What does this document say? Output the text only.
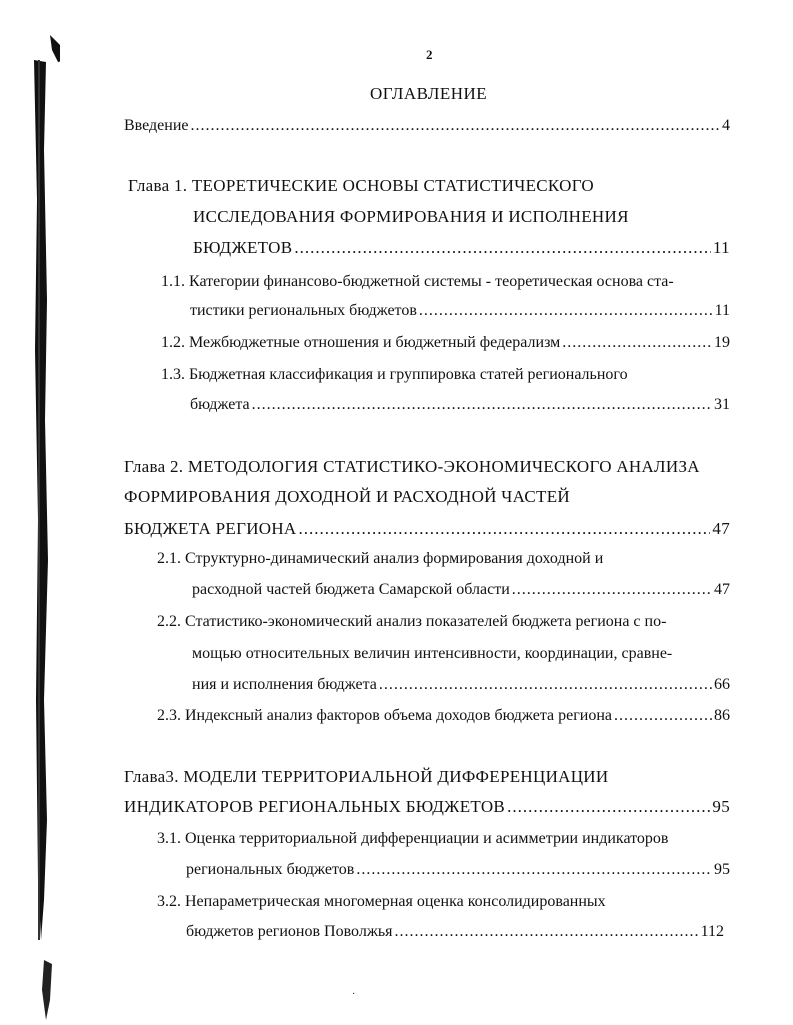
2
ОГЛАВЛЕНИЕ
Введение .....	4
Глава 1. ТЕОРЕТИЧЕСКИЕ ОСНОВЫ СТАТИСТИЧЕСКОГО
ИССЛЕДОВАНИЯ ФОРМИРОВАНИЯ И ИСПОЛНЕНИЯ
БЮДЖЕТОВ .....	11
1.1. Категории финансово-бюджетной системы - теоретическая основа ста-
тистики региональных бюджетов .....	11
1.2. Межбюджетные отношения и бюджетный федерализм .....	19
1.3. Бюджетная классификация и группировка статей регионального
бюджета .....	31
Глава 2. МЕТОДОЛОГИЯ СТАТИСТИКО-ЭКОНОМИЧЕСКОГО АНАЛИЗА
ФОРМИРОВАНИЯ ДОХОДНОЙ И РАСХОДНОЙ ЧАСТЕЙ
БЮДЖЕТА РЕГИОНА .....	47
2.1. Структурно-динамический анализ формирования доходной и
расходной частей бюджета Самарской области .....	47
2.2. Статистико-экономический анализ показателей бюджета региона с по-
мощью относительных величин интенсивности, координации, сравне-
ния и исполнения бюджета .....	66
2.3. Индексный анализ факторов объема доходов бюджета региона .....	86
Глава3. МОДЕЛИ ТЕРРИТОРИАЛЬНОЙ ДИФФЕРЕНЦИАЦИИ
ИНДИКАТОРОВ РЕГИОНАЛЬНЫХ БЮДЖЕТОВ .....	95
3.1. Оценка территориальной дифференциации и асимметрии индикаторов
региональных бюджетов .....	95
3.2. Непараметрическая многомерная оценка консолидированных
бюджетов регионов Поволжья .....	112
·
